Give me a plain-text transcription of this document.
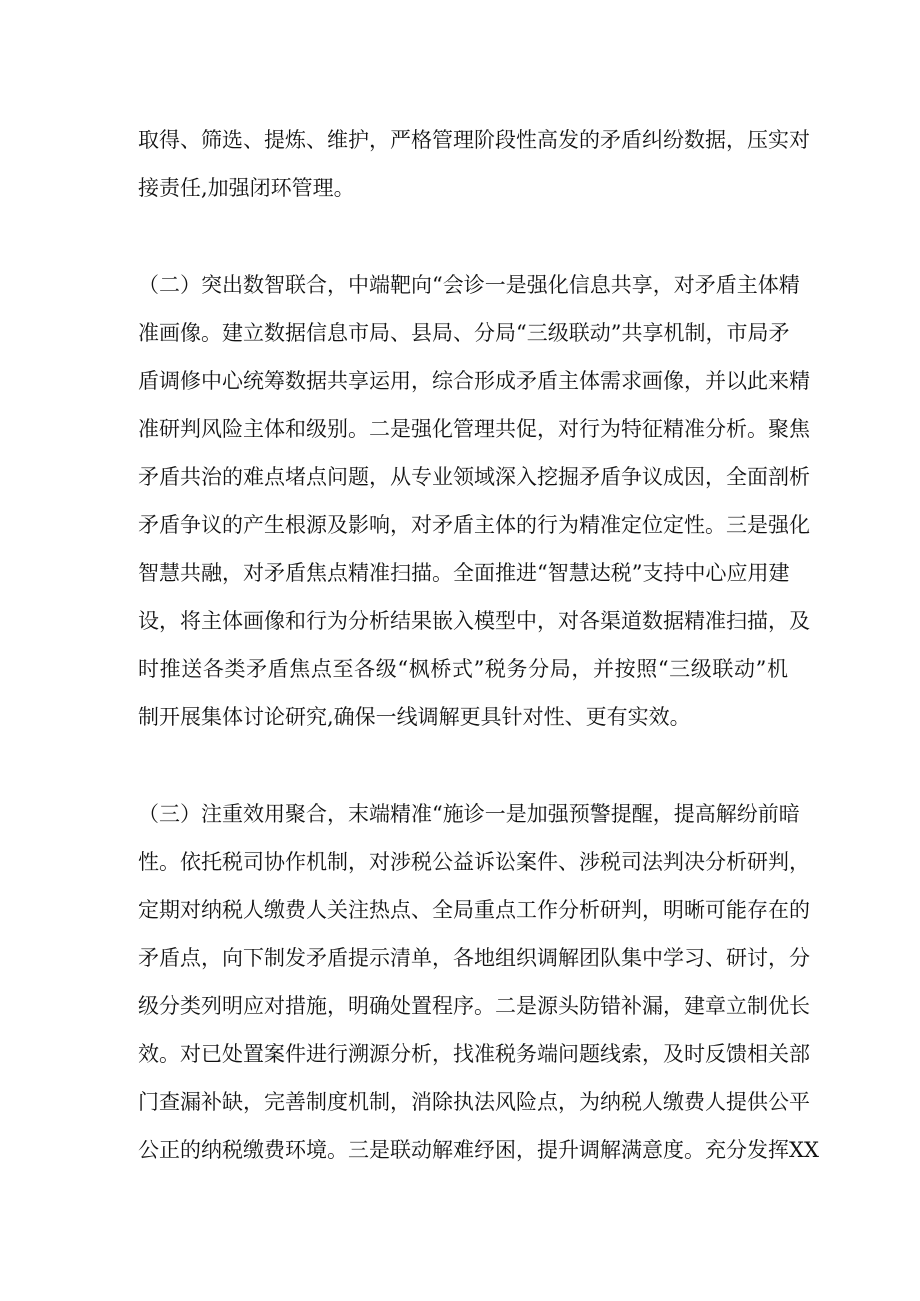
取得、筛选、提炼、维护，严格管理阶段性高发的矛盾纠纷数据，压实对
接责任,加强闭环管理。
（二）突出数智联合，中端靶向“会诊一是强化信息共享，对矛盾主体精
准画像。建立数据信息市局、县局、分局“三级联动”共享机制，市局矛
盾调修中心统筹数据共享运用，综合形成矛盾主体需求画像，并以此来精
准研判风险主体和级别。二是强化管理共促，对行为特征精准分析。聚焦
矛盾共治的难点堵点问题，从专业领域深入挖掘矛盾争议成因，全面剖析
矛盾争议的产生根源及影响，对矛盾主体的行为精准定位定性。三是强化
智慧共融，对矛盾焦点精准扫描。全面推进“智慧达税”支持中心应用建
设，将主体画像和行为分析结果嵌入模型中，对各渠道数据精准扫描，及
时推送各类矛盾焦点至各级“枫桥式”税务分局，并按照“三级联动”机
制开展集体讨论研究,确保一线调解更具针对性、更有实效。
（三）注重效用聚合，末端精准“施诊一是加强预警提醒，提高解纷前暗
性。依托税司协作机制，对涉税公益诉讼案件、涉税司法判决分析研判，
定期对纳税人缴费人关注热点、全局重点工作分析研判，明晰可能存在的
矛盾点，向下制发矛盾提示清单，各地组织调解团队集中学习、研讨，分
级分类列明应对措施，明确处置程序。二是源头防错补漏，建章立制优长
效。对已处置案件进行溯源分析，找准税务端问题线索，及时反馈相关部
门查漏补缺，完善制度机制，消除执法风险点，为纳税人缴费人提供公平
公正的纳税缴费环境。三是联动解难纾困，提升调解满意度。充分发挥XX
